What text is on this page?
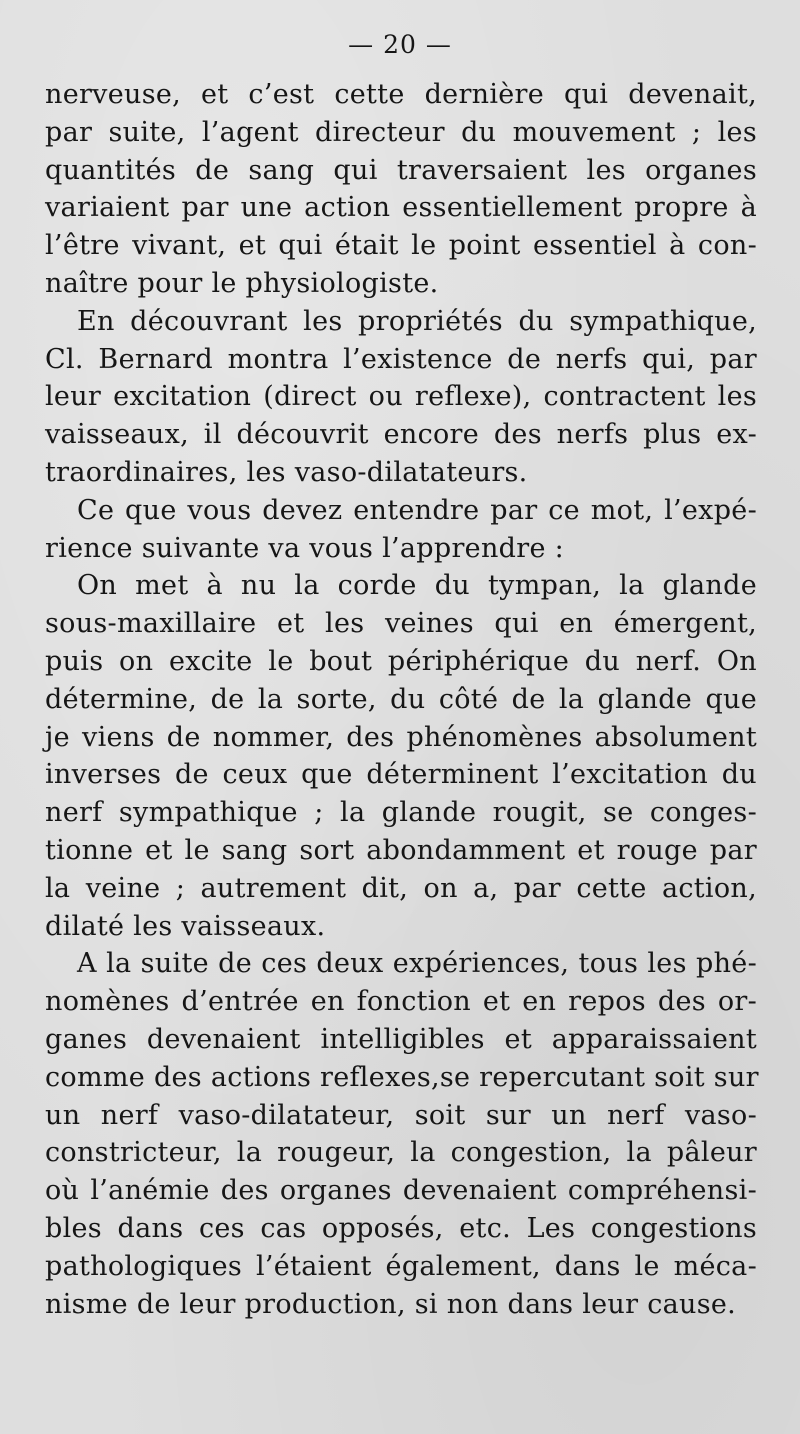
— 20 —
nerveuse, et c’est cette dernière qui devenait,
par suite, l’agent directeur du mouvement ; les
quantités de sang qui traversaient les organes
variaient par une action essentiellement propre à
l’être vivant, et qui était le point essentiel à con-
naître pour le physiologiste.
En découvrant les propriétés du sympathique,
Cl. Bernard montra l’existence de nerfs qui, par
leur excitation (direct ou reflexe), contractent les
vaisseaux, il découvrit encore des nerfs plus ex-
traordinaires, les vaso-dilatateurs.
Ce que vous devez entendre par ce mot, l’expé-
rience suivante va vous l’apprendre :
On met à nu la corde du tympan, la glande
sous-maxillaire et les veines qui en émergent,
puis on excite le bout périphérique du nerf. On
détermine, de la sorte, du côté de la glande que
je viens de nommer, des phénomènes absolument
inverses de ceux que déterminent l’excitation du
nerf sympathique ; la glande rougit, se conges-
tionne et le sang sort abondamment et rouge par
la veine ; autrement dit, on a, par cette action,
dilaté les vaisseaux.
A la suite de ces deux expériences, tous les phé-
nomènes d’entrée en fonction et en repos des or-
ganes devenaient intelligibles et apparaissaient
comme des actions reflexes,se repercutant soit sur
un nerf vaso-dilatateur, soit sur un nerf vaso-
constricteur, la rougeur, la congestion, la pâleur
où l’anémie des organes devenaient compréhensi-
bles dans ces cas opposés, etc. Les congestions
pathologiques l’étaient également, dans le méca-
nisme de leur production, si non dans leur cause.
